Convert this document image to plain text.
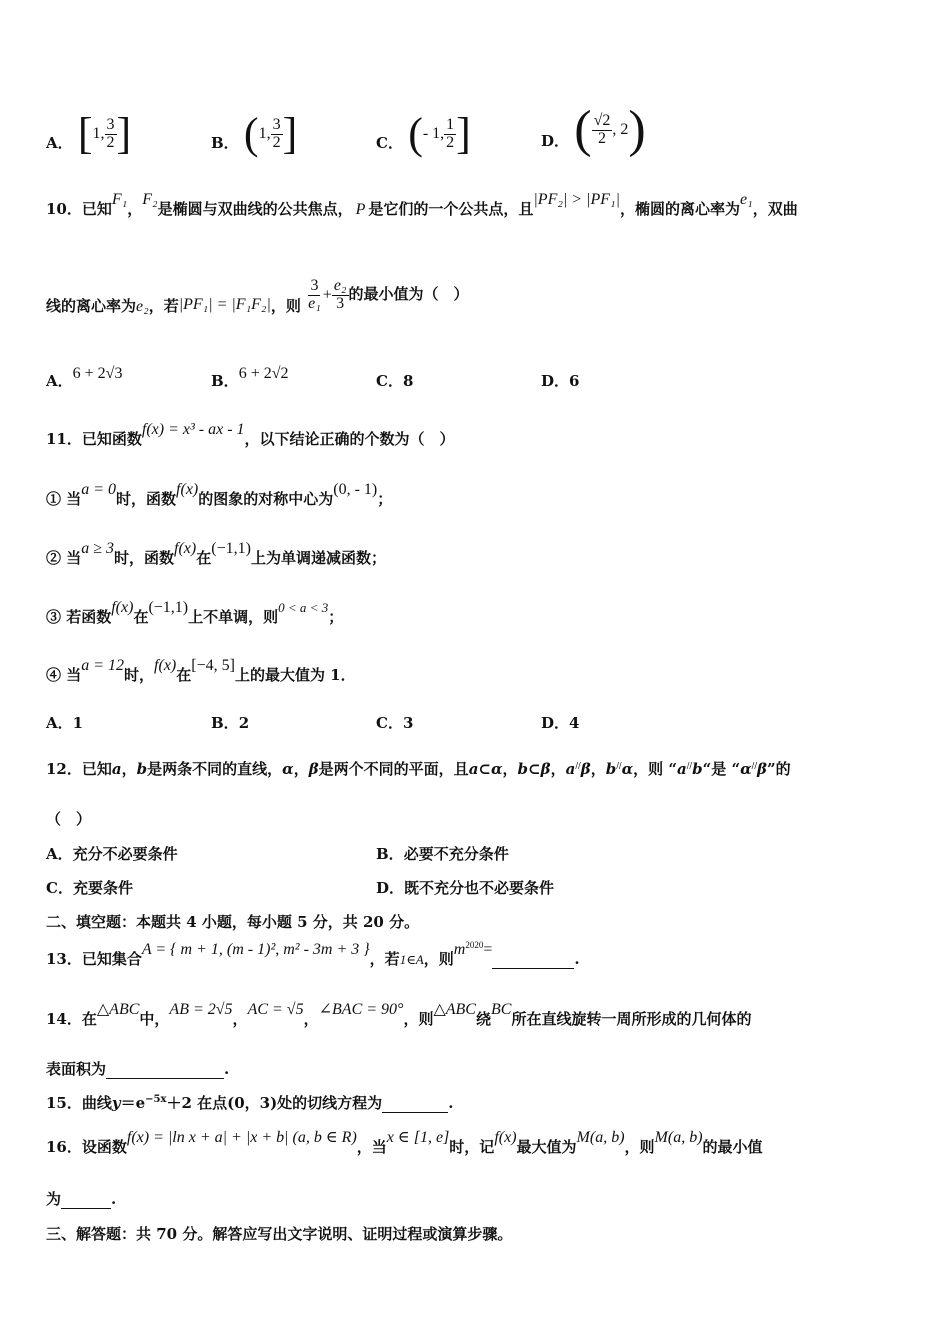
A． [ 1, $\frac{3}{2}$ ]	B． ( 1, $\frac{3}{2}$ ]	C． ( - 1, $\frac{1}{2}$ ]	D． ( $\frac{√2}{2}$ , 2 )
10．已知F₁，F₂是椭圆与双曲线的公共焦点， P 是它们的一个公共点，且|PF₂| > |PF₁|，椭圆的离心率为e₁，双曲
线的离心率为e₂，若|PF₁| = |F₁F₂|，则 $\frac{3}{\text{e₁}} + \frac{\text{e₂}}{3}$ 的最小值为（　）
A．6 + 2√3	B．6 + 2√2	C．8	D．6
11．已知函数f(x) = x³ - ax - 1，以下结论正确的个数为（　）
① 当a = 0时，函数f(x)的图象的对称中心为(0, - 1)；
② 当a ≥ 3时，函数f(x)在(−1,1)上为单调递减函数；
③ 若函数f(x)在(−1,1)上不单调，则0 < a < 3；
④ 当a = 12时，f(x)在[−4, 5]上的最大值为 1．
A．1	B．2	C．3	D．4
12．已知a，b是两条不同的直线，α，β是两个不同的平面，且a⊂α，b⊂β，a//β，b//α，则 “a//b“是 “α//β”的
（　）
A．充分不必要条件	B．必要不充分条件
C．充要条件	D．既不充分也不必要条件
二、填空题：本题共 4 小题，每小题 5 分，共 20 分。
13．已知集合A = { m + 1, (m - 1)², m² - 3m + 3 }，若1∈A，则$m^{2020}=$.
14．在△ABC中，AB = 2√5，AC = √5，∠BAC = 90°，则△ABC绕BC所在直线旋转一周所形成的几何体的
表面积为	.
15．曲线$y=e^{-5x}+2$ 在点(0，3)处的切线方程为	.
16．设函数f(x) = |ln x + a| + |x + b| (a, b ∈ R)，当x ∈ [1, e]时，记f(x)最大值为M(a, b)，则M(a, b)的最小值
为	.
三、解答题：共 70 分。解答应写出文字说明、证明过程或演算步骤。
